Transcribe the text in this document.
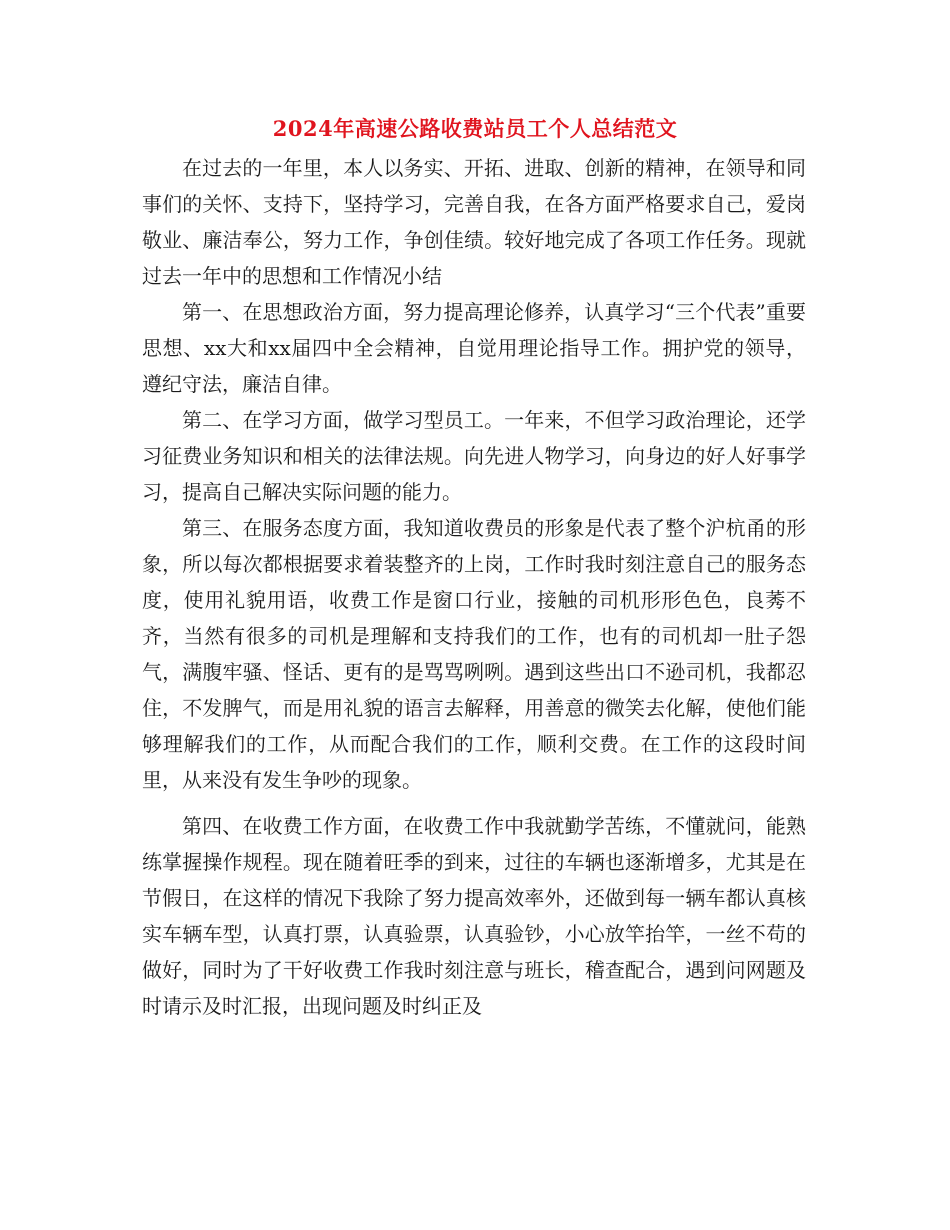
2024年高速公路收费站员工个人总结范文

在过去的一年里，本人以务实、开拓、进取、创新的精神，在领导和同事们的关怀、支持下，坚持学习，完善自我，在各方面严格要求自己，爱岗敬业、廉洁奉公，努力工作，争创佳绩。较好地完成了各项工作任务。现就过去一年中的思想和工作情况小结

第一、在思想政治方面，努力提高理论修养，认真学习“三个代表”重要思想、xx大和xx届四中全会精神，自觉用理论指导工作。拥护党的领导，遵纪守法，廉洁自律。

第二、在学习方面，做学习型员工。一年来，不但学习政治理论，还学习征费业务知识和相关的法律法规。向先进人物学习，向身边的好人好事学习，提高自己解决实际问题的能力。

第三、在服务态度方面，我知道收费员的形象是代表了整个沪杭甬的形象，所以每次都根据要求着装整齐的上岗，工作时我时刻注意自己的服务态度，使用礼貌用语，收费工作是窗口行业，接触的司机形形色色，良莠不齐，当然有很多的司机是理解和支持我们的工作，也有的司机却一肚子怨气，满腹牢骚、怪话、更有的是骂骂咧咧。遇到这些出口不逊司机，我都忍住，不发脾气，而是用礼貌的语言去解释，用善意的微笑去化解，使他们能够理解我们的工作，从而配合我们的工作，顺利交费。在工作的这段时间里，从来没有发生争吵的现象。

第四、在收费工作方面，在收费工作中我就勤学苦练，不懂就问，能熟练掌握操作规程。现在随着旺季的到来，过往的车辆也逐渐增多，尤其是在节假日，在这样的情况下我除了努力提高效率外，还做到每一辆车都认真核实车辆车型，认真打票，认真验票，认真验钞，小心放竿抬竿，一丝不苟的做好，同时为了干好收费工作我时刻注意与班长，稽查配合，遇到问网题及时请示及时汇报，出现问题及时纠正及
